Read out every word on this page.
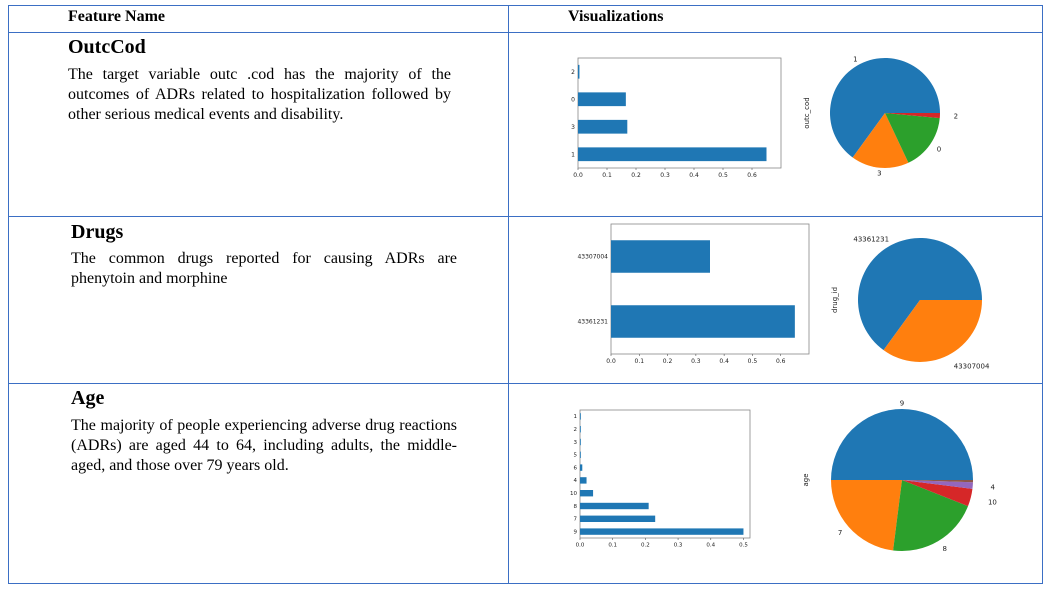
Feature Name	Visualizations
OutcCod
The target variable outc .cod has the majority of the outcomes of ADRs related to hospitalization followed by other serious medical events and disability.
Drugs
The common drugs reported for causing ADRs are phenytoin and morphine
Age
The majority of people experiencing adverse drug reactions (ADRs) are aged 44 to 64, including adults, the middle-aged, and those over 79 years old.
1
3
0
2
0.0	0.1	0.2	0.3	0.4	0.5	0.6
1
3
0
2
outc_cod
43361231
43307004
0.0	0.1	0.2	0.3	0.4	0.5	0.6
43361231
43307004
drug_id
9
7
8
10
4
6
5
3
2
1
0.0	0.1	0.2	0.3	0.4	0.5
9
7
8
10
4
age
